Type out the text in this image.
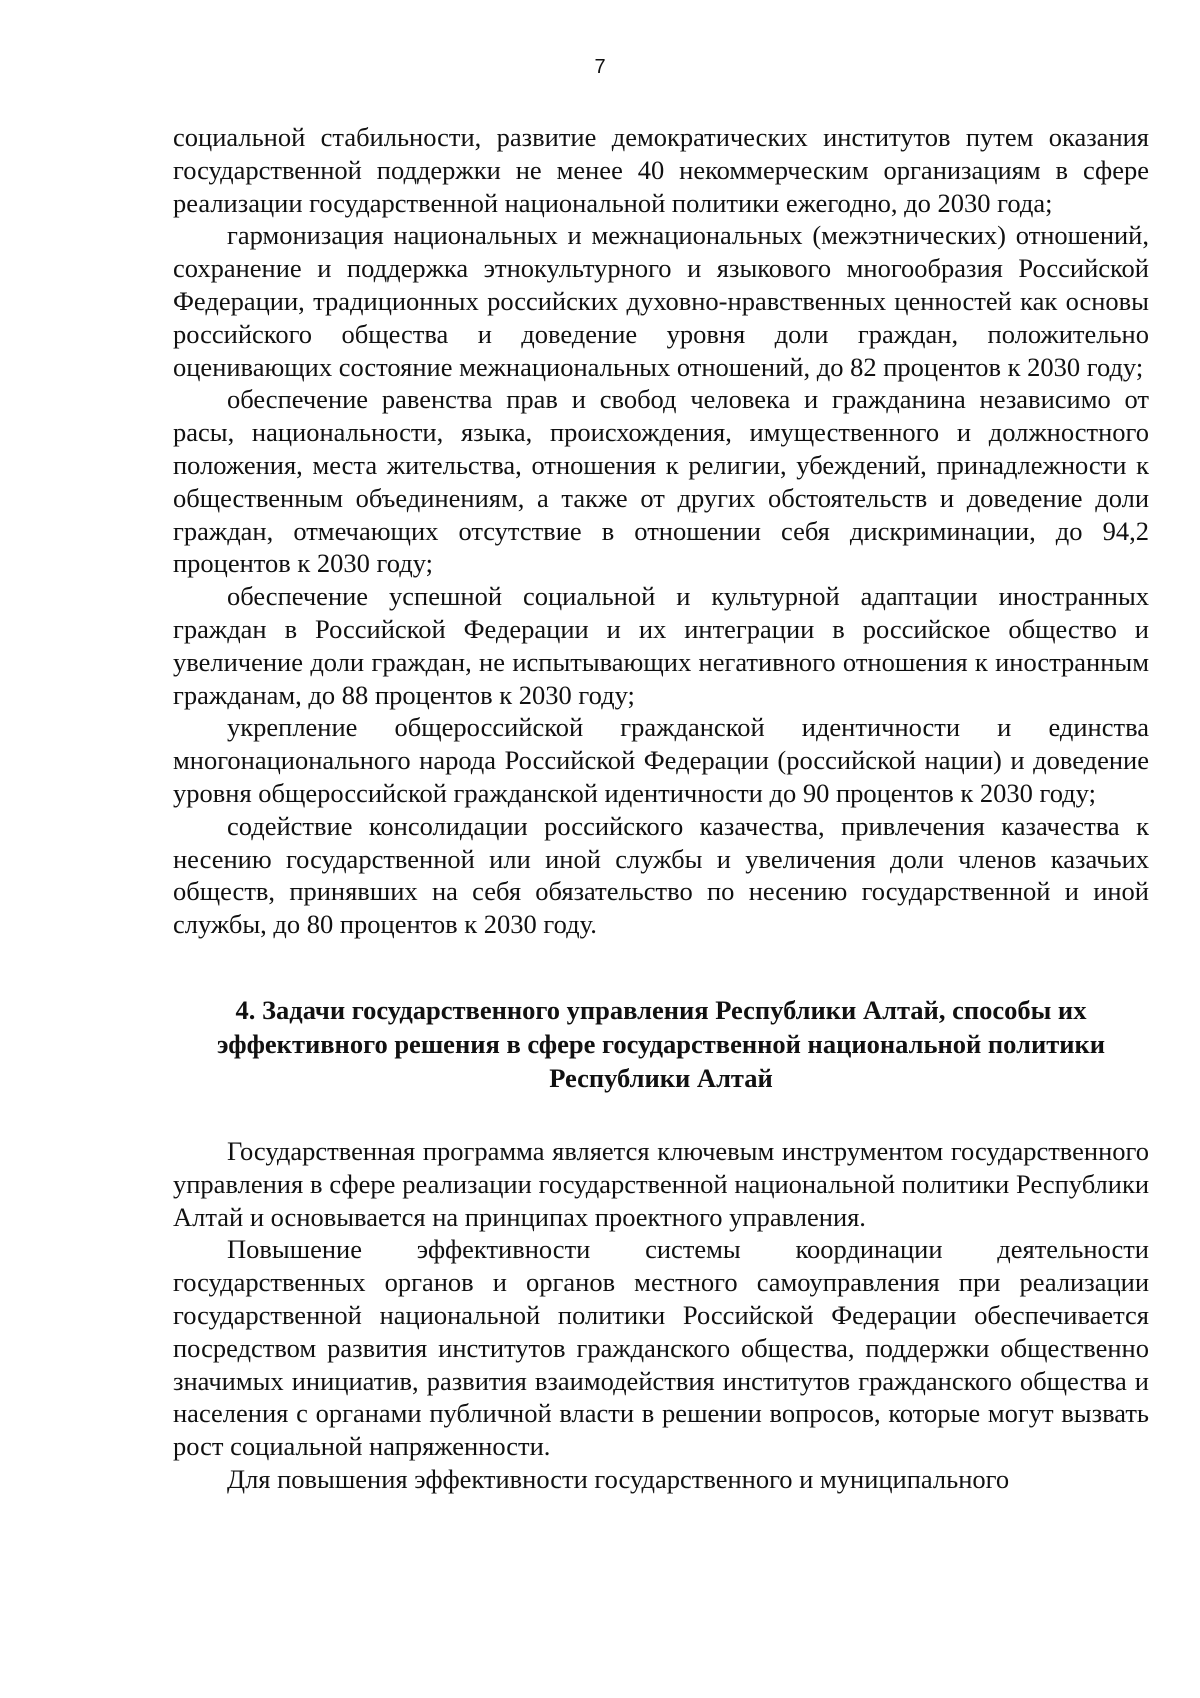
7

социальной стабильности, развитие демократических институтов путем оказания государственной поддержки не менее 40 некоммерческим организациям в сфере реализации государственной национальной политики ежегодно, до 2030 года;

гармонизация национальных и межнациональных (межэтнических) отношений, сохранение и поддержка этнокультурного и языкового многообразия Российской Федерации, традиционных российских духовно-нравственных ценностей как основы российского общества и доведение уровня доли граждан, положительно оценивающих состояние межнациональных отношений, до 82 процентов к 2030 году;

обеспечение равенства прав и свобод человека и гражданина независимо от расы, национальности, языка, происхождения, имущественного и должностного положения, места жительства, отношения к религии, убеждений, принадлежности к общественным объединениям, а также от других обстоятельств и доведение доли граждан, отмечающих отсутствие в отношении себя дискриминации, до 94,2 процентов к 2030 году;

обеспечение успешной социальной и культурной адаптации иностранных граждан в Российской Федерации и их интеграции в российское общество и увеличение доли граждан, не испытывающих негативного отношения к иностранным гражданам, до 88 процентов к 2030 году;

укрепление общероссийской гражданской идентичности и единства многонационального народа Российской Федерации (российской нации) и доведение уровня общероссийской гражданской идентичности до 90 процентов к 2030 году;

содействие консолидации российского казачества, привлечения казачества к несению государственной или иной службы и увеличения доли членов казачьих обществ, принявших на себя обязательство по несению государственной и иной службы, до 80 процентов к 2030 году.

4. Задачи государственного управления Республики Алтай, способы их
эффективного решения в сфере государственной национальной политики
Республики Алтай

Государственная программа является ключевым инструментом государственного управления в сфере реализации государственной национальной политики Республики Алтай и основывается на принципах проектного управления.

Повышение эффективности системы координации деятельности государственных органов и органов местного самоуправления при реализации государственной национальной политики Российской Федерации обеспечивается посредством развития институтов гражданского общества, поддержки общественно значимых инициатив, развития взаимодействия институтов гражданского общества и населения с органами публичной власти в решении вопросов, которые могут вызвать рост социальной напряженности.

Для повышения эффективности государственного и муниципального
